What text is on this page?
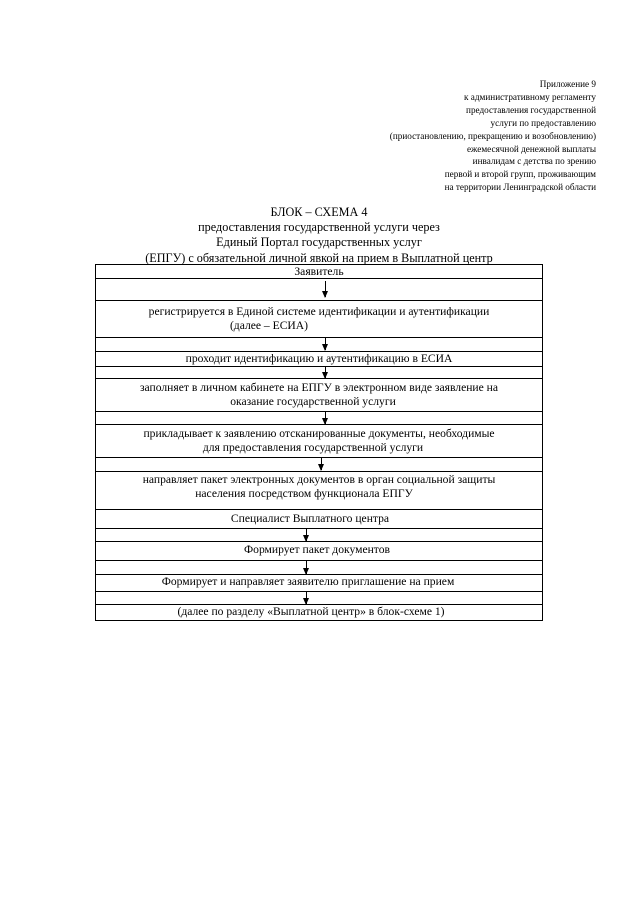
Приложение 9
к административному регламенту
предоставления государственной
услуги по предоставлению
(приостановлению, прекращению и возобновлению)
ежемесячной денежной выплаты
инвалидам с детства по зрению
первой и второй групп, проживающим
на территории Ленинградской области
БЛОК – СХЕМА 4
предоставления государственной услуги через
Единый Портал государственных услуг
(ЕПГУ) с обязательной личной явкой на прием в Выплатной центр
Заявитель
регистрируется в Единой системе идентификации и аутентификации
(далее – ЕСИА)
проходит идентификацию и аутентификацию в ЕСИА
заполняет в личном кабинете на ЕПГУ в электронном виде заявление на
оказание государственной услуги
прикладывает к заявлению отсканированные документы, необходимые
для предоставления государственной услуги
направляет пакет электронных документов в орган социальной защиты
населения посредством функционала ЕПГУ
Специалист Выплатного центра
Формирует пакет документов
Формирует и направляет заявителю приглашение на прием
(далее по разделу «Выплатной центр» в блок-схеме 1)
